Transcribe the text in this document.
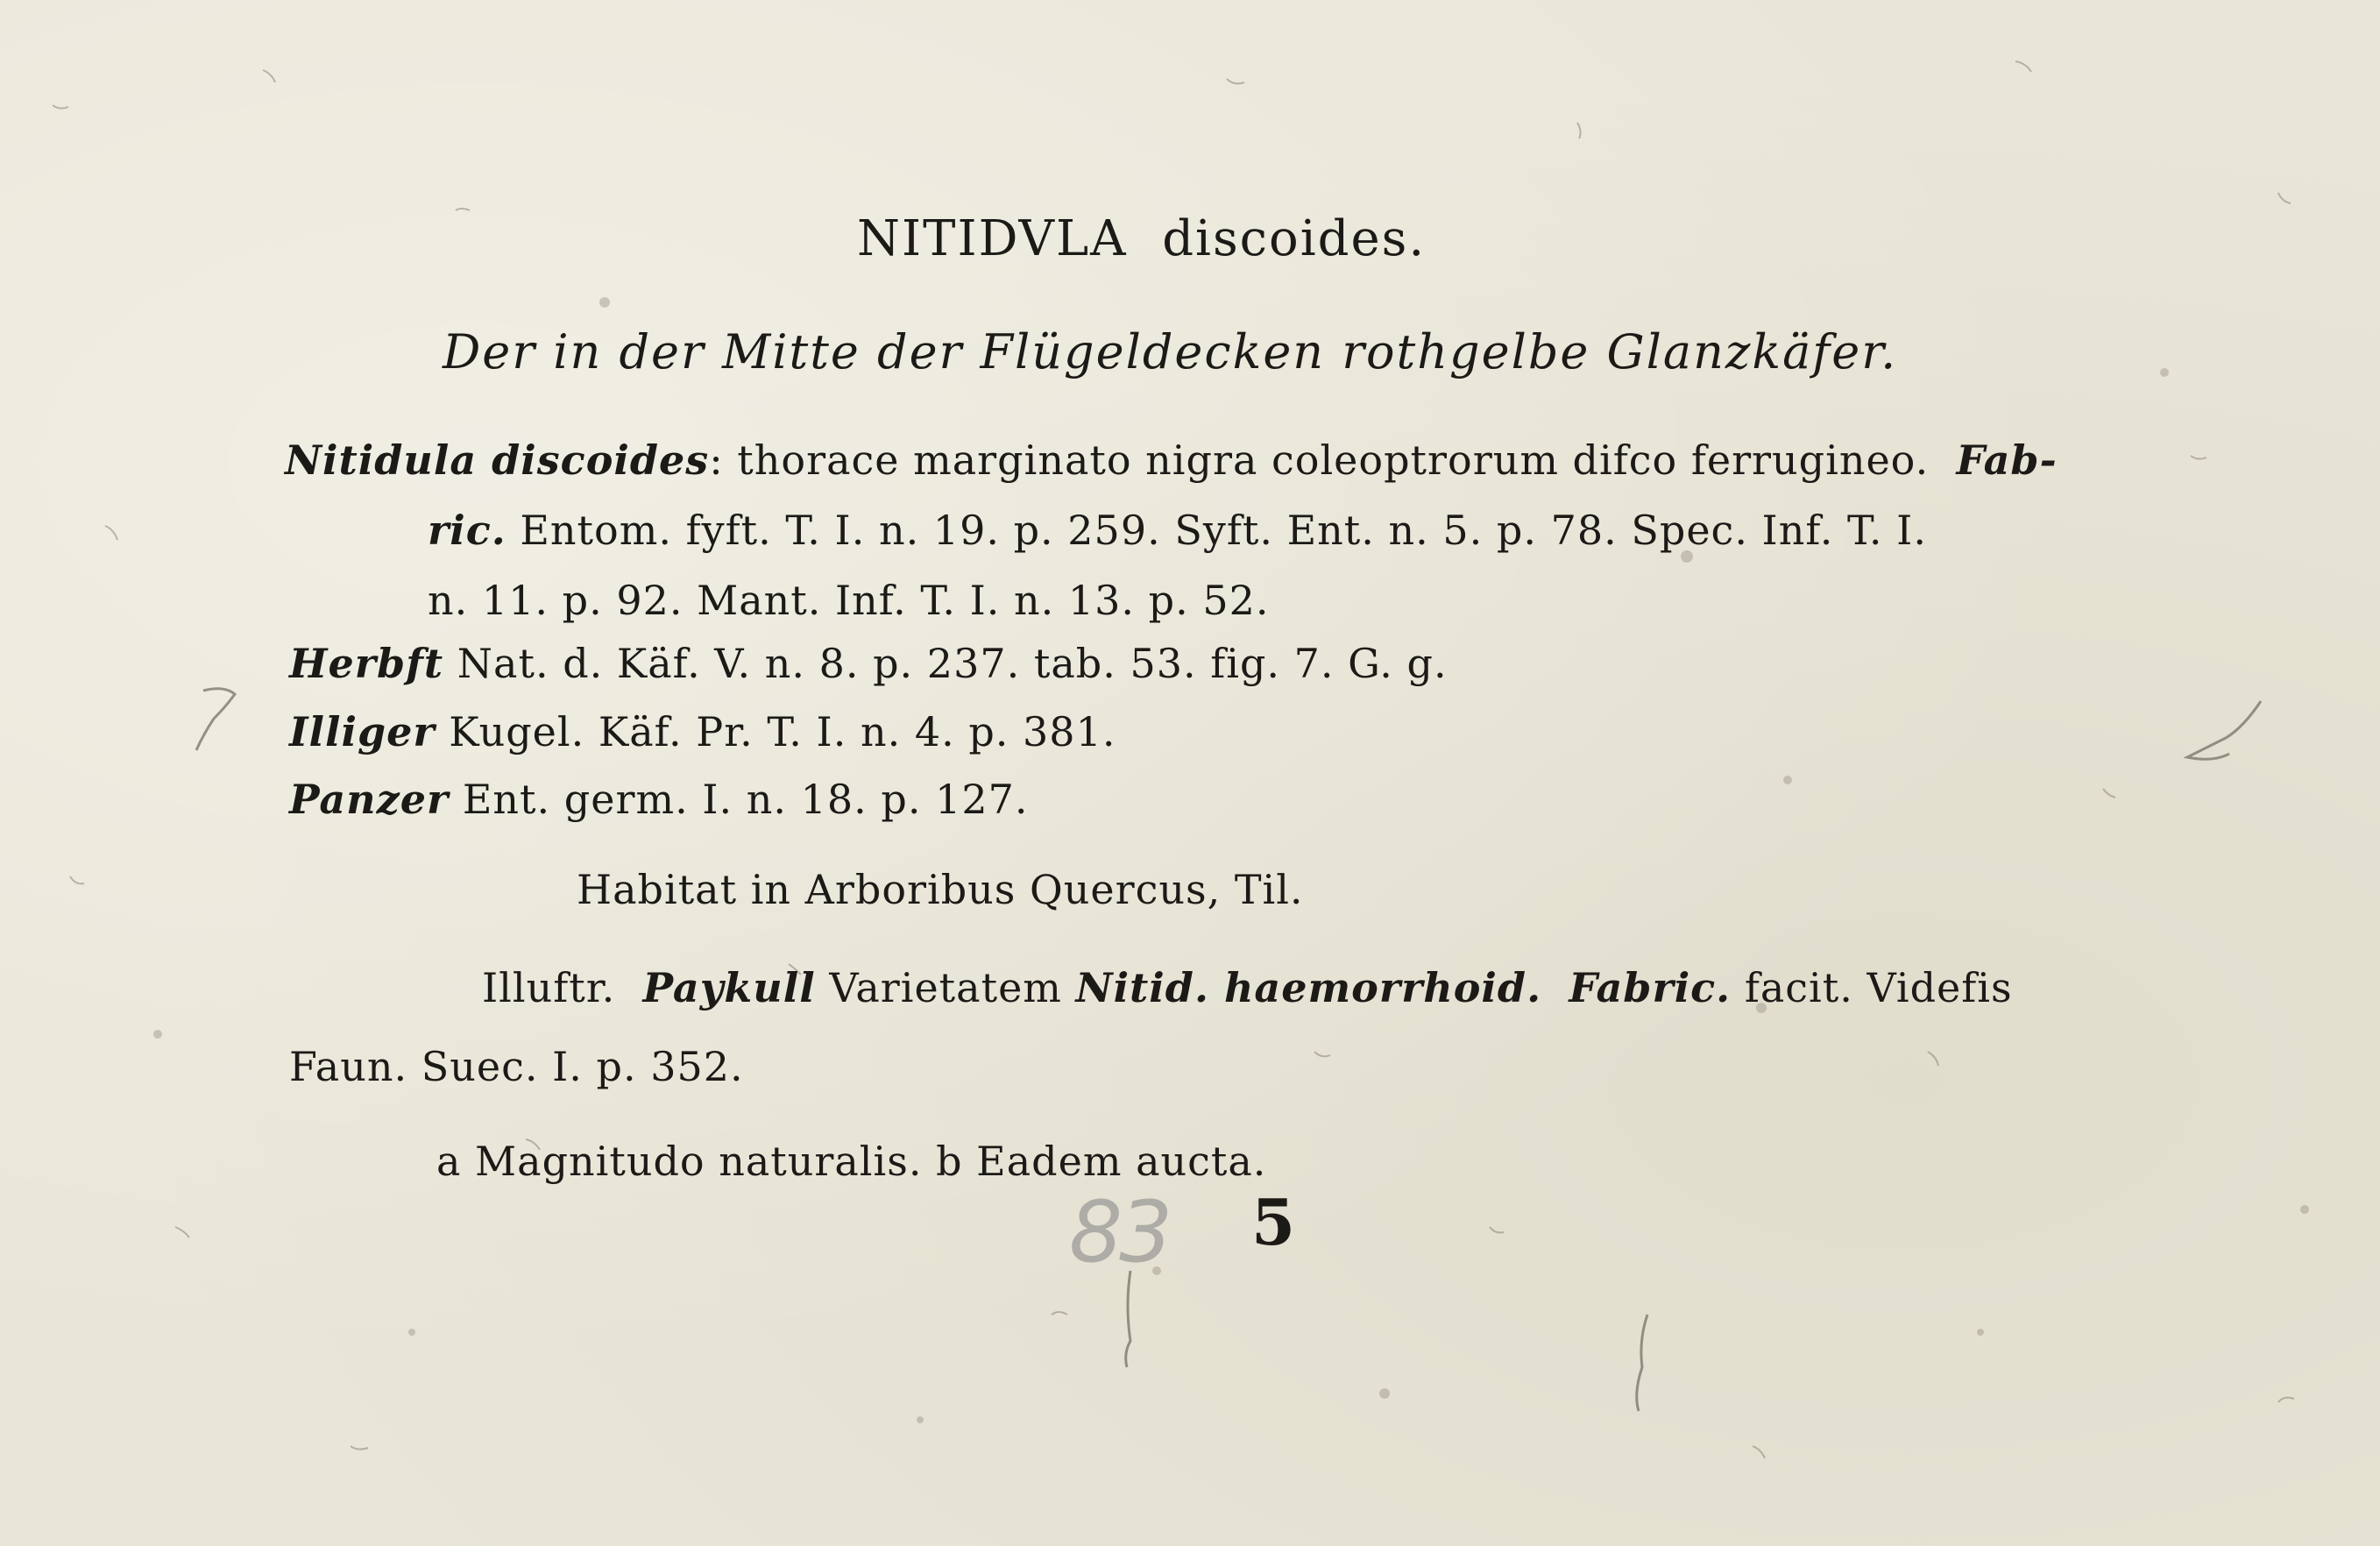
NITIDVLA discoides.
Der in der Mitte der Flügeldecken rothgelbe Glanzkäfer.
Nitidula discoides: thorace marginato nigra coleoptrorum difco ferrugineo. Fab-
ric. Entom. fyft. T. I. n. 19. p. 259. Syft. Ent. n. 5. p. 78. Spec. Inf. T. I.
n. 11. p. 92. Mant. Inf. T. I. n. 13. p. 52.
Herbft Nat. d. Käf. V. n. 8. p. 237. tab. 53. fig. 7. G. g.
Illiger Kugel. Käf. Pr. T. I. n. 4. p. 381.
Panzer Ent. germ. I. n. 18. p. 127.
Habitat in Arboribus Quercus, Til.
Illuftr. Paykull Varietatem Nitid. haemorrhoid. Fabric. facit. Videfis
Faun. Suec. I. p. 352.
a Magnitudo naturalis. b Eadem aucta.
83 5
